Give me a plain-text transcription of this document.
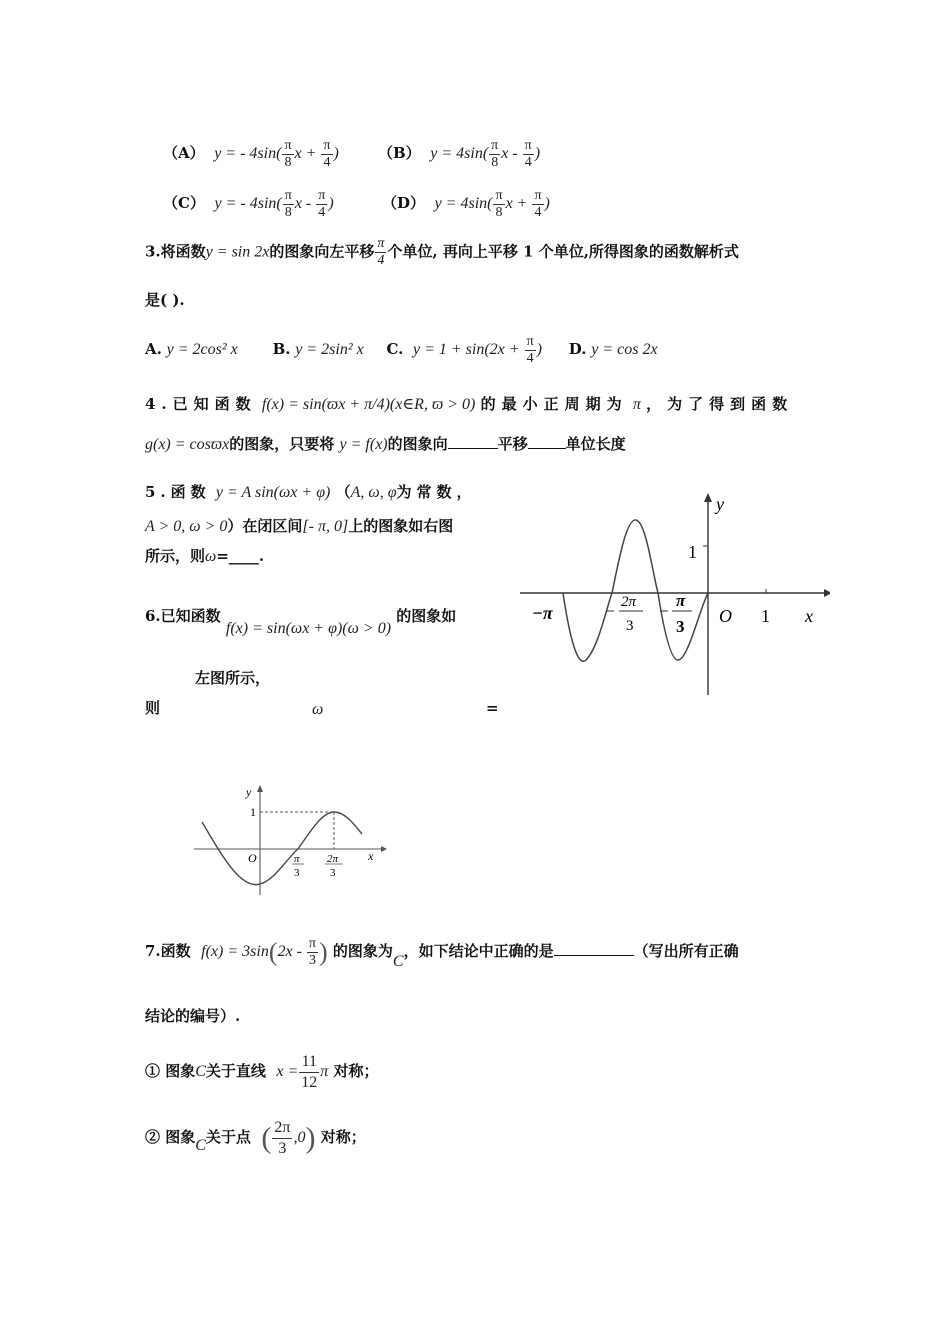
（A） y = - $4\sin( \frac{\pi}{8}$ $x + \frac{\pi}{4}$ )	（B） $y = 4\sin( \frac{\pi}{8}$ x - $\frac{\pi}{4}$ )
（C） y = - $4\sin( \frac{\pi}{8}$ x - $\frac{\pi}{4}$ )	（D） $y = 4\sin( \frac{\pi}{8}$ $x + \frac{\pi}{4}$ )
3.将函数y = sin 2x的图象向左平移 $\frac{\pi}{4}$ 个单位, 再向上平移 1 个单位,所得图象的函数解析式
是( ).
A. y = 2cos² x B. y = 2sin² x C. $y = 1 + \sin(2x + \frac{\pi}{4}$ ) D. y = cos 2x
4.已知函数 f(x) = sin(ϖx + π/4)(x∈R, ϖ > 0) 的最小正周期为 π ，为了得到函数
g(x) = cosϖx的图象，只要将 y = f(x)的图象向	平移	单位长度
5.函数 y = A sin(ωx + φ) （A, ω, φ为常数，
A > 0, ω > 0）在闭区间[- π, 0]上的图象如右图
所示，则ω=____.
y
x
1
O 1
−π
2π
3
π
3
6.已知函数 f(x) = sin(ωx + φ)(ω > 0) 的图象如
左图所示，
则	ω	=
y
x
1
O	π
3
2π
3
7.函数 $f(x) = 3\sin(2x - \frac{\pi}{3}$ ) 的图象为C，如下结论中正确的是	（写出所有正确
结论的编号）.
① 图象C关于直线 $x = \frac{11}{12}$ π 对称；
② 图象C关于点 ( $\frac{2\pi}{3} ,0$) 对称；
